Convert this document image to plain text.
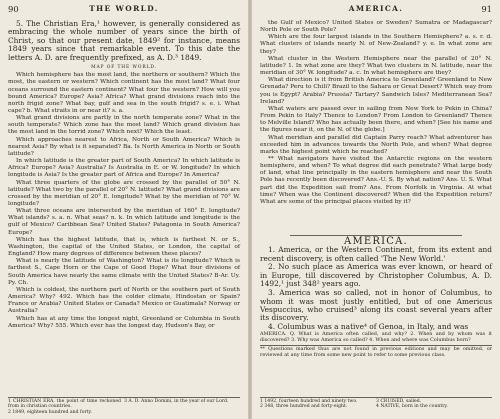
90	THE WORLD.

5. The Christian Era,¹ however, is generally considered as embracing the whole number of years since the birth of Christ, so that our present date, 1849² for instance, means 1849 years since that remarkable event. To this date the letters A. D. are frequently prefixed, as A. D.³ 1849.

MAP OF THE WORLD.

Which hemisphere has the most land, the northern or southern? Which the most, the eastern or western? Which continent has the most land? What four oceans surround the eastern continent? What four the western? How will you bound America? Europe? Asia? Africa? What grand divisions reach into the north frigid zone? What bay, gulf and sea in the south frigid? s. e. i. What cape? b. What straits in or near it? s. a.

What grand divisions are partly in the north temperate zone? What in the south temperate? Which zone has the most land? Which grand division has the most land in the torrid zone? Which next? Which the least.

Which approaches nearest to Africa, North or South America? Which is nearest Asia? By what is it separated? Ba. Is North America in North or South latitude?

In which latitude is the greater part of South America? In which latitude is Africa? Europe? Asia? Australia? Is Australia in E. or W. longitude? In which longitude is Asia? Is the greater part of Africa and Europe? In America?

What three quarters of the globe are crossed by the parallel of 50° N. latitude? What two by the parallel of 20° N. latitude? What grand divisions are crossed by the meridian of 20° E. longitude? What by the meridian of 70° W. longitude?

What three oceans are intersected by the meridian of 160° E. longitude? What islands? s. a. n. What seas? n. k. In which latitude and longitude is the gulf of Mexico? Caribbean Sea? United States? Patagonia in South America? Europe?

Which has the highest latitude, that is, which is farthest N. or S., Washington, the capital of the United States, or London, the capital of England? How many degrees of difference between these places?

What is nearly the latitude of Washington? What is its longitude? Which is farthest S., Cape Horn or the Cape of Good Hope? What four divisions of South America have nearly the same climate with the United States? B-Ar. Uy. Py. Ch.

Which is coldest, the northern part of North or the southern part of South America? Why? 492. Which has the colder climate, Hindostan or Spain? France or Arabia? United States or Canada? Mexico or Guatimala? Norway or Australia?

Which has at any time the longest night, Greenland or Columbia in South America? Why? 555. Which ever has the longest day, Hudson's Bay, or

1 CHRISTIAN ERA, the point of time reckoned from in christian countries.
2 1849, eighteen hundred and forty.
3 A. D. Anno Domini, in the year of our Lord.
AMERICA.	91

the Gulf of Mexico? United States or Sweden? Sumatra or Madagascar? North Pole or South Pole?

Which are the four largest islands in the Southern Hemisphere? a. s. r. d. What clusters of islands nearly N. of New-Zealand? y. e. In what zone are they?

What cluster in the Western Hemisphere near the parallel of 20° N. latitude? 1. In what zone are they? What two clusters in N. latitude, near the meridian of 30° W. longitude? a. c. In what hemisphere are they?

What direction is it from British America to Greenland? Greenland to New Grenada? Peru to Chili? Brazil to the Sahara or Great Desert? Which way from you is Egypt? Arabia? Prussia? Tartary? Sandwich Isles? Mediterranean Sea? Ireland?

What waters are passed over in sailing from New York to Pekin in China? From Pekin to Italy? Thence to London? From London to Greenland? Thence to Melville Island? Who has actually been there, and when? [See his name and the figures near it, on the N. of the globe.]

What meridian and parallel did Captain Parry reach? What adventurer has exceeded him in advances towards the North Pole, and when? What degree marks the highest point which he reached?

** What navigators have visited the Antarctic regions on the western hemisphere, and when? To what degree did each penetrate? What large body of land, what line principally in the eastern hemisphere and near the South Pole has recently been discovered? Ans.-U. S. By what nation? Ans. U. S. What part did the Expedition sail from? Ans. From Norfolk in Virginia. At what time? When was the Continent discovered? When did the Expedition return? What are some of the principal places visited by it?

AMERICA.

1. America, or the Western Continent, from its extent and recent discovery, is often called 'The New World.'

2. No such place as America was ever known, or heard of in Europe, till discovered by Christopher Columbus, A. D. 1492,¹ just 348² years ago.

3. America was so called, not in honor of Columbus, to whom it was most justly entitled, but of one Americus Vespuccius, who cruised³ along its coast several years after its discovery.

4. Columbus was a native⁴ of Genoa, in Italy, and was

AMERICA. Q. What is America often called, and why? 2. When and by whom was it discovered? 3. Why was America so called? 4. When and where was Columbus born?
** Questions marked thus are not found in previous editions and may be omitted, or reviewed at any time from some new point to refer to some previous class.
1 1492, fourteen hundred and ninety two.
2 348, three hundred and forty-eight.
3 CRUISED, sailed.
4 NATIVE, born in the country.
